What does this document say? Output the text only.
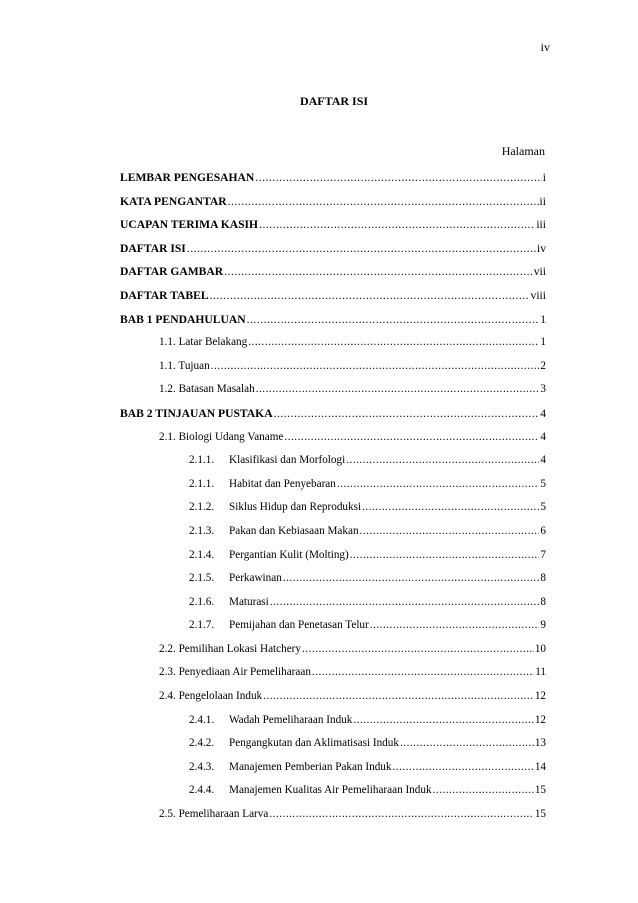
iv
DAFTAR ISI
Halaman
LEMBAR PENGESAHAN .....	i
KATA PENGANTAR .....	ii
UCAPAN TERIMA KASIH .....	iii
DAFTAR ISI .....	iv
DAFTAR GAMBAR .....	vii
DAFTAR TABEL .....	viii
BAB 1 PENDAHULUAN .....	1
1.1. Latar Belakang .....	1
1.1. Tujuan .....	2
1.2. Batasan Masalah .....	3
BAB 2 TINJAUAN PUSTAKA .....	4
2.1. Biologi Udang Vaname .....	4
2.1.1.	Klasifikasi dan Morfologi .....	4
2.1.1.	Habitat dan Penyebaran .....	5
2.1.2.	Siklus Hidup dan Reproduksi .....	5
2.1.3.	Pakan dan Kebiasaan Makan .....	6
2.1.4.	Pergantian Kulit (Molting) .....	7
2.1.5.	Perkawinan .....	8
2.1.6.	Maturasi .....	8
2.1.7.	Pemijahan dan Penetasan Telur .....	9
2.2. Pemilihan Lokasi Hatchery .....	10
2.3. Penyediaan Air Pemeliharaan .....	11
2.4. Pengelolaan Induk .....	12
2.4.1.	Wadah Pemeliharaan Induk .....	12
2.4.2.	Pengangkutan dan Aklimatisasi Induk .....	13
2.4.3.	Manajemen Pemberian Pakan Induk .....	14
2.4.4.	Manajemen Kualitas Air Pemeliharaan Induk .....	15
2.5. Pemeliharaan Larva .....	15
